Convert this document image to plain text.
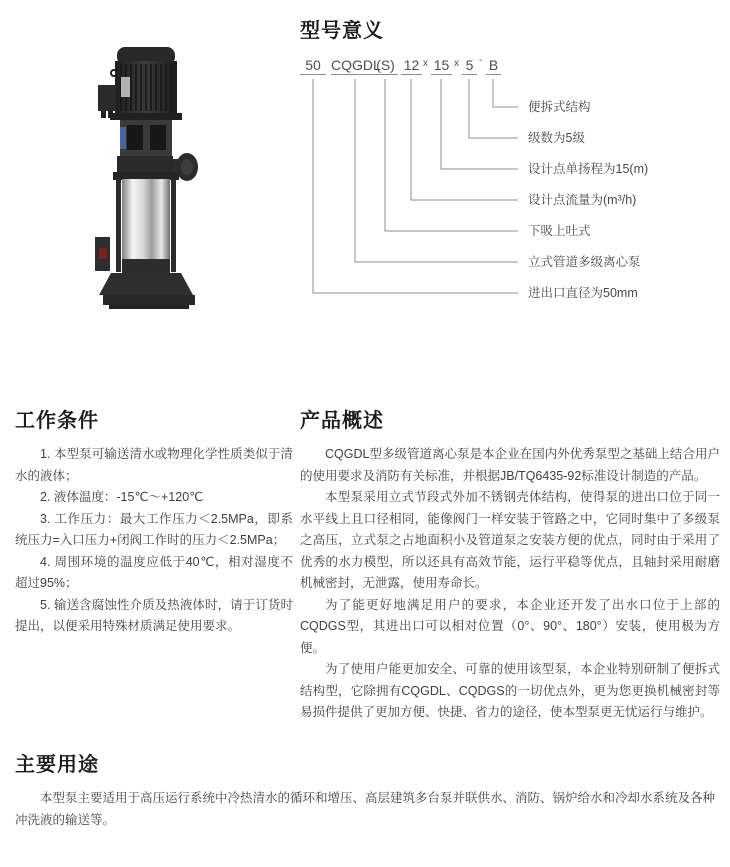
型号意义
50 CQGDL
(S) 12 x 15 x 5 - B
便拆式结构
级数为5级
设计点单扬程为15(m)
设计点流量为(m³/h)
下吸上吐式
立式管道多级离心泵
进出口直径为50mm
工作条件

1. 本型泵可输送清水或物理化学性质类似于清水的液体；

2. 液体温度：-15℃～+120℃

3. 工作压力：最大工作压力＜2.5MPa，即系统压力=入口压力+闭阀工作时的压力＜2.5MPa；

4. 周围环境的温度应低于40℃，相对湿度不超过95%；

5. 输送含腐蚀性介质及热液体时，请于订货时提出，以便采用特殊材质满足使用要求。

产品概述

CQGDL型多级管道离心泵是本企业在国内外优秀泵型之基础上结合用户的使用要求及消防有关标准，并根据JB/TQ6435-92标准设计制造的产品。

本型泵采用立式节段式外加不锈钢壳体结构，使得泵的进出口位于同一水平线上且口径相同，能像阀门一样安装于管路之中，它同时集中了多级泵之高压，立式泵之占地面积小及管道泵之安装方便的优点，同时由于采用了优秀的水力模型，所以还具有高效节能，运行平稳等优点，且轴封采用耐磨机械密封，无泄露，使用寿命长。

为了能更好地满足用户的要求，本企业还开发了出水口位于上部的CQDGS型，其进出口可以相对位置（0°、90°、180°）安装，使用极为方便。

为了使用户能更加安全、可靠的使用该型泵，本企业特别研制了便拆式结构型，它除拥有CQGDL、CQDGS的一切优点外，更为您更换机械密封等易损件提供了更加方便、快捷、省力的途径，使本型泵更无忧运行与维护。

主要用途

本型泵主要适用于高压运行系统中冷热清水的循环和增压、高层建筑多台泵并联供水、消防、锅炉给水和冷却水系统及各种冲洗液的输送等。
